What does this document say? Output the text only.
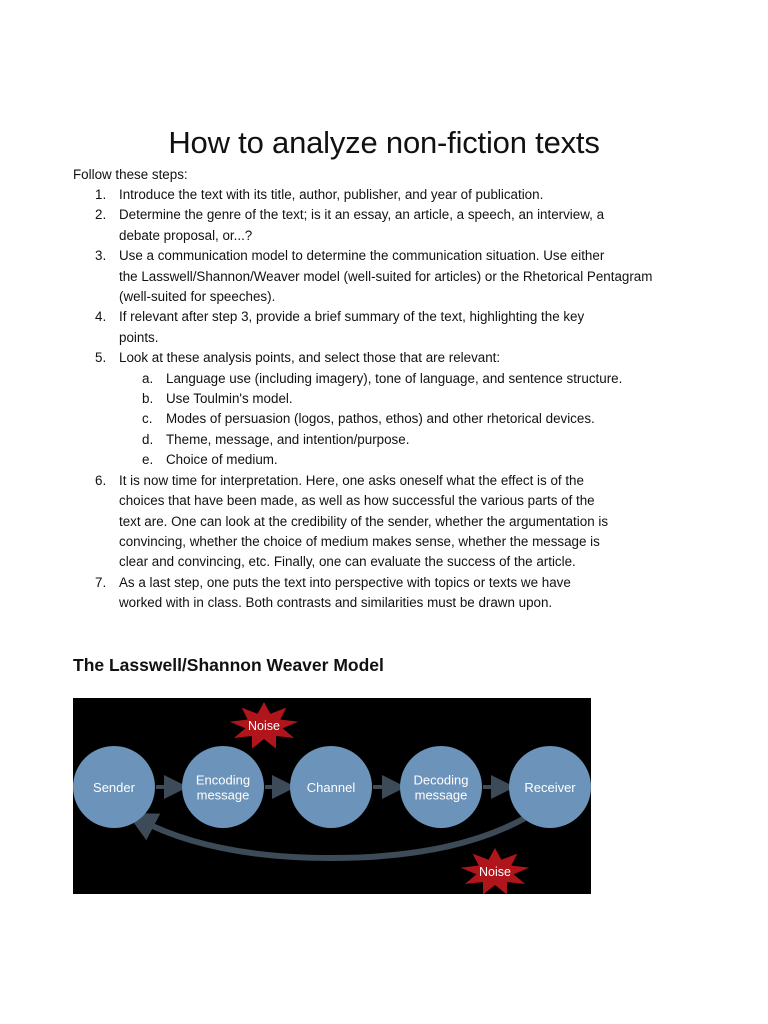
How to analyze non-fiction texts
Follow these steps:
1. Introduce the text with its title, author, publisher, and year of publication.
2. Determine the genre of the text; is it an essay, an article, a speech, an interview, a
debate proposal, or...?
3. Use a communication model to determine the communication situation. Use either
the Lasswell/Shannon/Weaver model (well-suited for articles) or the Rhetorical Pentagram
(well-suited for speeches).
4. If relevant after step 3, provide a brief summary of the text, highlighting the key
points.
5. Look at these analysis points, and select those that are relevant:
a. Language use (including imagery), tone of language, and sentence structure.
b. Use Toulmin's model.
c. Modes of persuasion (logos, pathos, ethos) and other rhetorical devices.
d. Theme, message, and intention/purpose.
e. Choice of medium.
6. It is now time for interpretation. Here, one asks oneself what the effect is of the
choices that have been made, as well as how successful the various parts of the
text are. One can look at the credibility of the sender, whether the argumentation is
convincing, whether the choice of medium makes sense, whether the message is
clear and convincing, etc. Finally, one can evaluate the success of the article.
7. As a last step, one puts the text into perspective with topics or texts we have
worked with in class. Both contrasts and similarities must be drawn upon.
The Lasswell/Shannon Weaver Model
Sender	Encoding
message	Channel	Decoding
message	Receiver
Noise
Noise
